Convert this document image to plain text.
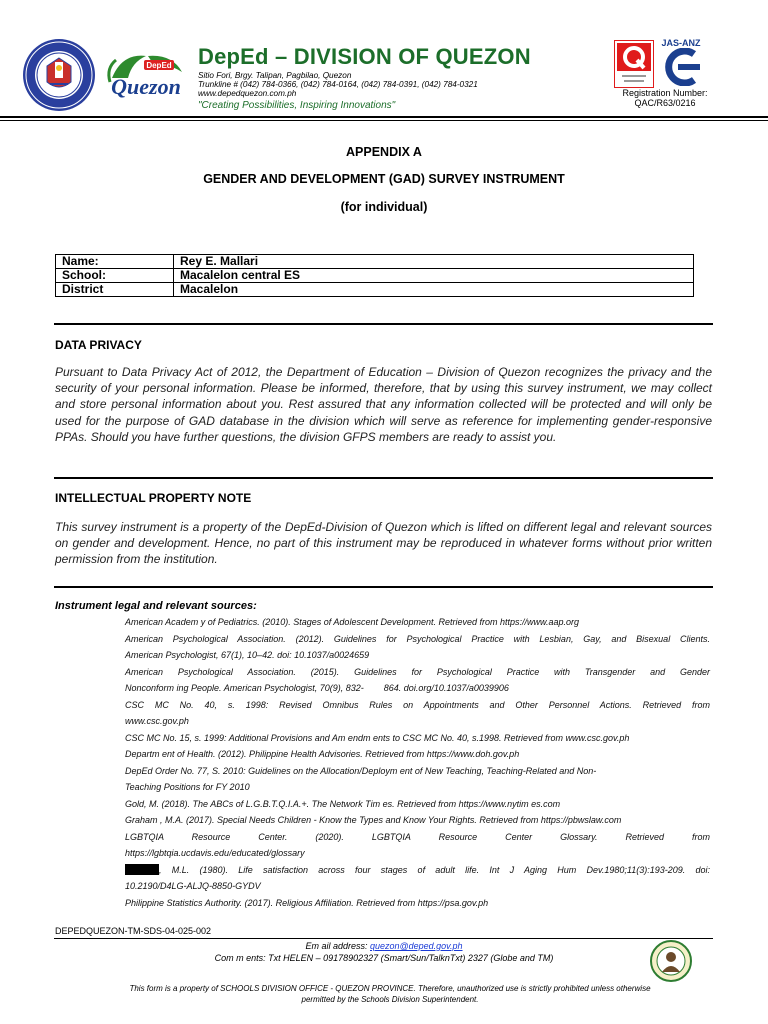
DepEd
Quezon
DepEd – DIVISION OF QUEZON
Sitio Fori, Brgy. Talipan, Pagbilao, Quezon
Trunkline # (042) 784-0366, (042) 784-0164, (042) 784-0391, (042) 784-0321
www.depedquezon.com.ph
"Creating Possibilities, Inspiring Innovations"
JAS-ANZ
Registration Number:
QAC/R63/0216
APPENDIX A
GENDER AND DEVELOPMENT (GAD) SURVEY INSTRUMENT
(for individual)
Name:	Rey E. Mallari
School:	Macalelon central ES
District	Macalelon
DATA PRIVACY
Pursuant to Data Privacy Act of 2012, the Department of Education – Division of Quezon recognizes the privacy and the security of your personal information. Please be informed, therefore, that by using this survey instrument, we may collect and store personal information about you. Rest assured that any information collected will be protected and will only be used for the purpose of GAD database in the division which will serve as reference for implementing gender-responsive PPAs. Should you have further questions, the division GFPS members are ready to assist you.
INTELLECTUAL PROPERTY NOTE
This survey instrument is a property of the DepEd-Division of Quezon which is lifted on different legal and relevant sources on gender and development. Hence, no part of this instrument may be reproduced in whatever forms without prior written permission from the institution.
Instrument legal and relevant sources:
American Academ y of Pediatrics. (2010). Stages of Adolescent Development. Retrieved from https://www.aap.org
American Psychological Association. (2012). Guidelines for Psychological Practice with Lesbian, Gay, and Bisexual Clients.
American Psychologist, 67(1), 10–42. doi: 10.1037/a0024659
American Psychological Association. (2015). Guidelines for Psychological Practice with Transgender and Gender
Nonconform ing People. American Psychologist, 70(9), 832-        864. doi.org/10.1037/a0039906
CSC MC No. 40, s. 1998: Revised Omnibus Rules on Appointments and Other Personnel Actions. Retrieved from
www.csc.gov.ph
CSC MC No. 15, s. 1999: Additional Provisions and Am endm ents to CSC MC No. 40, s.1998. Retrieved from www.csc.gov.ph
Departm ent of Health. (2012). Philippine Health Advisories. Retrieved from https://www.doh.gov.ph
DepEd Order No. 77, S. 2010: Guidelines on the Allocation/Deploym ent of New Teaching, Teaching-Related and Non-
Teaching Positions for FY 2010
Gold, M. (2018). The ABCs of L.G.B.T.Q.I.A.+. The Network Tim es. Retrieved from https://www.nytim es.com
Graham , M.A. (2017). Special Needs Children - Know the Types and Know Your Rights. Retrieved from https://pbwslaw.com
LGBTQIA Resource Center. (2020). LGBTQIA Resource Center Glossary. Retrieved from
https://lgbtqia.ucdavis.edu/educated/glossary
, M.L. (1980). Life satisfaction across four stages of adult life. Int J Aging Hum Dev.1980;11(3):193-209. doi:
10.2190/D4LG-ALJQ-8850-GYDV
Philippine Statistics Authority. (2017). Religious Affiliation. Retrieved from https://psa.gov.ph
DEPEDQUEZON-TM-SDS-04-025-002
Em ail address: quezon@deped.gov.ph
Com m ents: Txt HELEN – 09178902327 (Smart/Sun/TalknTxt) 2327 (Globe and TM)
This form is a property of SCHOOLS DIVISION OFFICE - QUEZON PROVINCE. Therefore, unauthorized use is strictly prohibited unless otherwise
permitted by the Schools Division Superintendent.
